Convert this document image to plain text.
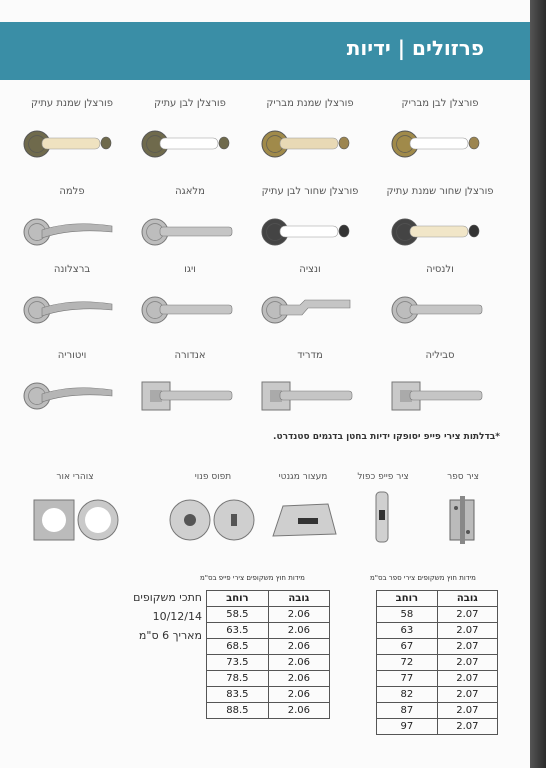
פרזולים | ידיות
פורצלן לבן מבריק
פורצלן שמנת מבריק
פורצלן לבן עתיק
פורצלן שמנת עתיק
פורצלן שחור שמנת עתיק
פורצלן שחור לבן עתיק
מלאגה
פלמה
ולנסיה
ונציה
ויגו
ברצלונה
סביליה
מדריד
אנדורה
ויטוריה
*בדלתות צירי פייפ יסופקו ידיות בחטן בדגמים סטנדרט.
ציר ספר
ציר פייפ כפול
מעצור מגנטי
תפוס פנוי
צוהרי אור
מידות חוץ משקופים צירי פייפ בס"מ
רוחב	גובה
58.5	2.06
63.5	2.06
68.5	2.06
73.5	2.06
78.5	2.06
83.5	2.06
88.5	2.06
מידות חוץ משקופים צירי ספר בס"מ
רוחב	גובה
58	2.07
63	2.07
67	2.07
72	2.07
77	2.07
82	2.07
87	2.07
97	2.07
חתכי משקופים
10/12/14
מאריך 6 ס"מ
